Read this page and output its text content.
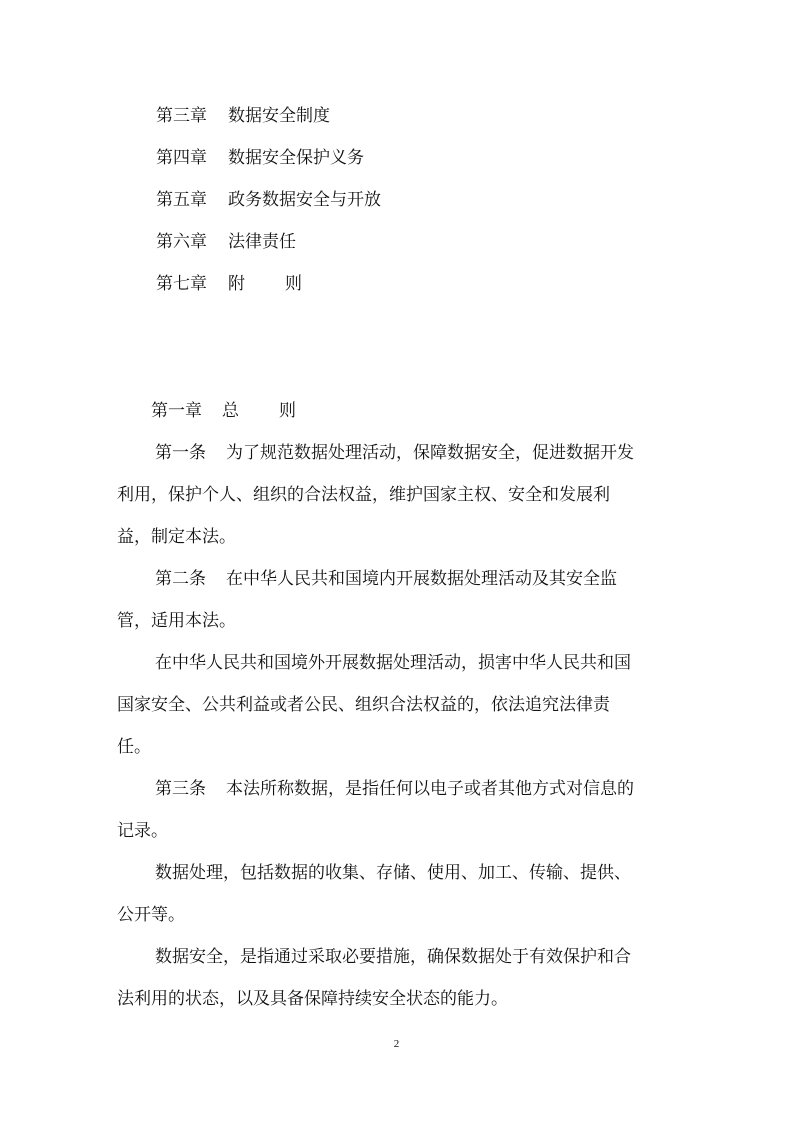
第三章 数据安全制度
第四章 数据安全保护义务
第五章 政务数据安全与开放
第六章 法律责任
第七章 附 则
第一章 总 则
第一条 为了规范数据处理活动，保障数据安全，促进数据开发
利用，保护个人、组织的合法权益，维护国家主权、安全和发展利
益，制定本法。
第二条 在中华人民共和国境内开展数据处理活动及其安全监
管，适用本法。
在中华人民共和国境外开展数据处理活动，损害中华人民共和国
国家安全、公共利益或者公民、组织合法权益的，依法追究法律责
任。
第三条 本法所称数据，是指任何以电子或者其他方式对信息的
记录。
数据处理，包括数据的收集、存储、使用、加工、传输、提供、
公开等。
数据安全，是指通过采取必要措施，确保数据处于有效保护和合
法利用的状态，以及具备保障持续安全状态的能力。
2
